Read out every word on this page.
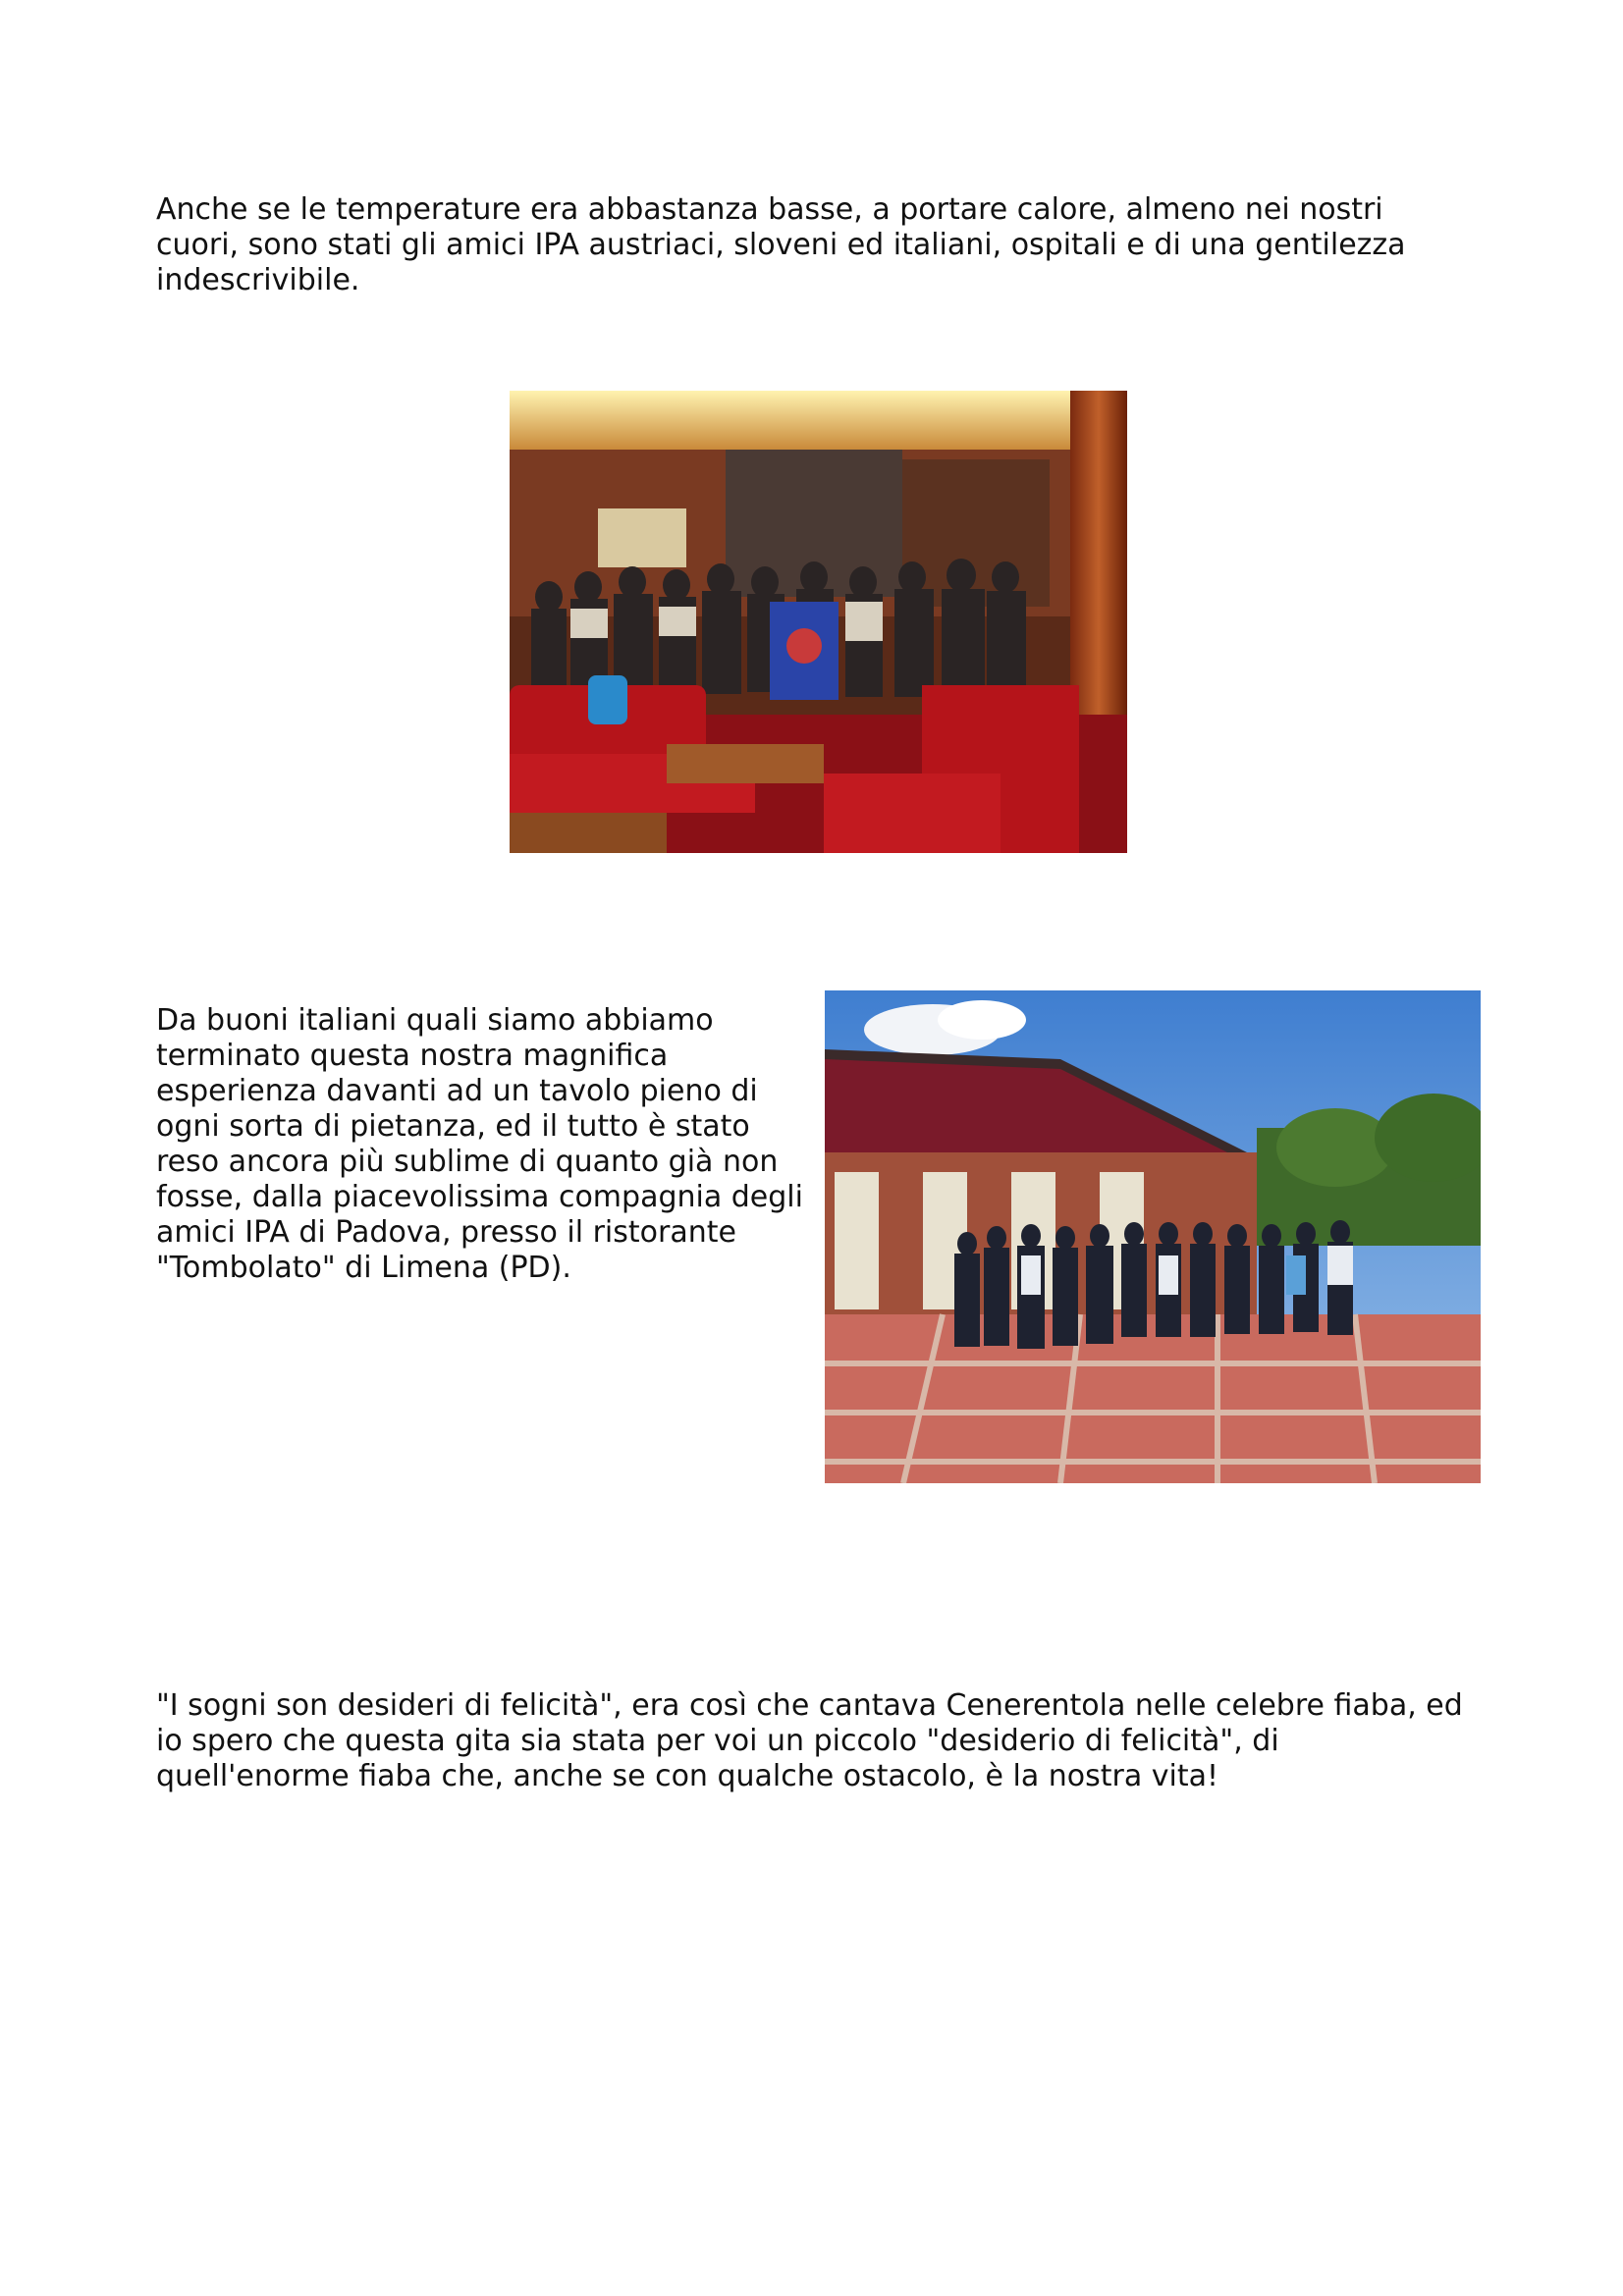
Anche se le temperature era abbastanza basse, a portare calore, almeno nei nostri cuori, sono stati gli amici IPA austriaci, sloveni ed italiani, ospitali e di una gentilezza indescrivibile.

Da buoni italiani quali siamo abbiamo terminato questa nostra magnifica esperienza davanti ad un tavolo pieno di ogni sorta di pietanza, ed il tutto è stato reso ancora più sublime di quanto già non fosse, dalla piacevolissima compagnia degli amici IPA di Padova, presso il ristorante "Tombolato" di Limena (PD).

"I sogni son desideri di felicità", era così che cantava Cenerentola nelle celebre fiaba, ed io spero che questa gita sia stata per voi un piccolo "desiderio di felicità", di quell'enorme fiaba che, anche se con qualche ostacolo, è la nostra vita!
